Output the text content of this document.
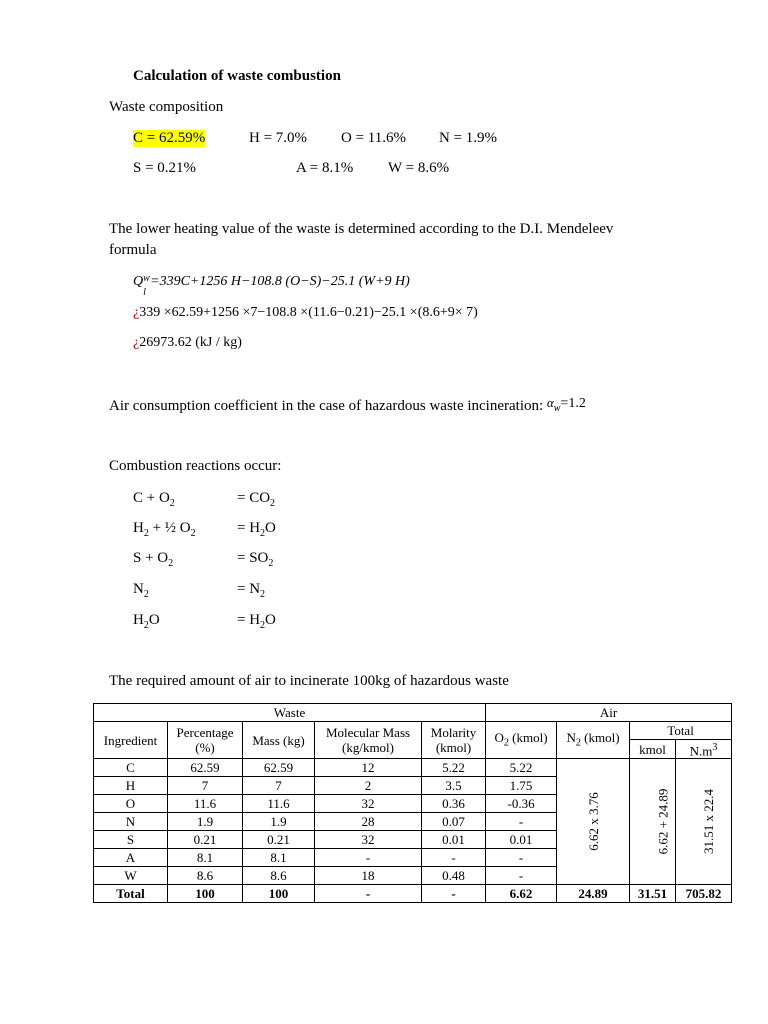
Calculation of waste combustion
Waste composition
C = 62.59%	H = 7.0% O = 11.6% N = 1.9%
S = 0.21%	A = 8.1% W = 8.6%
The lower heating value of the waste is determined according to the D.I. Mendeleev
formula
Q w
l
=339C+1256 H−108.8 (O−S)−25.1 (W+9 H)
¿339 ×62.59+1256 ×7−108.8 ×(11.6−0.21)−25.1 ×(8.6+9× 7)
¿26973.62 (kJ / kg)
Air consumption coefficient in the case of hazardous waste incineration: $\alpha_w=1.2$
Combustion reactions occur:
$C + O_2$	= $CO_2$
$H_2$ + ½ $O_2$	= $H_2O$
$S + O_2$	= $SO_2$
$N_2$	= $N_2$
$H_2O$	= $H_2O$
The required amount of air to incinerate 100kg of hazardous waste
Waste					Air			
Ingredient	Percentage (%)	Mass (kg)	Molecular Mass (kg/kmol)	Molarity (kmol)	$O_2$ (kmol)	$N_2$ (kmol)	Total	
							kmol	$N.m^3$
C	62.59	62.59	12	5.22	5.22	6.62 x 3.76	6.62 + 24.89	31.51 x 22.4
H	7	7	2	3.5	1.75			
O	11.6	11.6	32	0.36	-0.36			
N	1.9	1.9	28	0.07	-			
S	0.21	0.21	32	0.01	0.01			
A	8.1	8.1	-	-	-			
W	8.6	8.6	18	0.48	-			
Total	100	100	-	-	6.62	24.89	31.51	705.82
